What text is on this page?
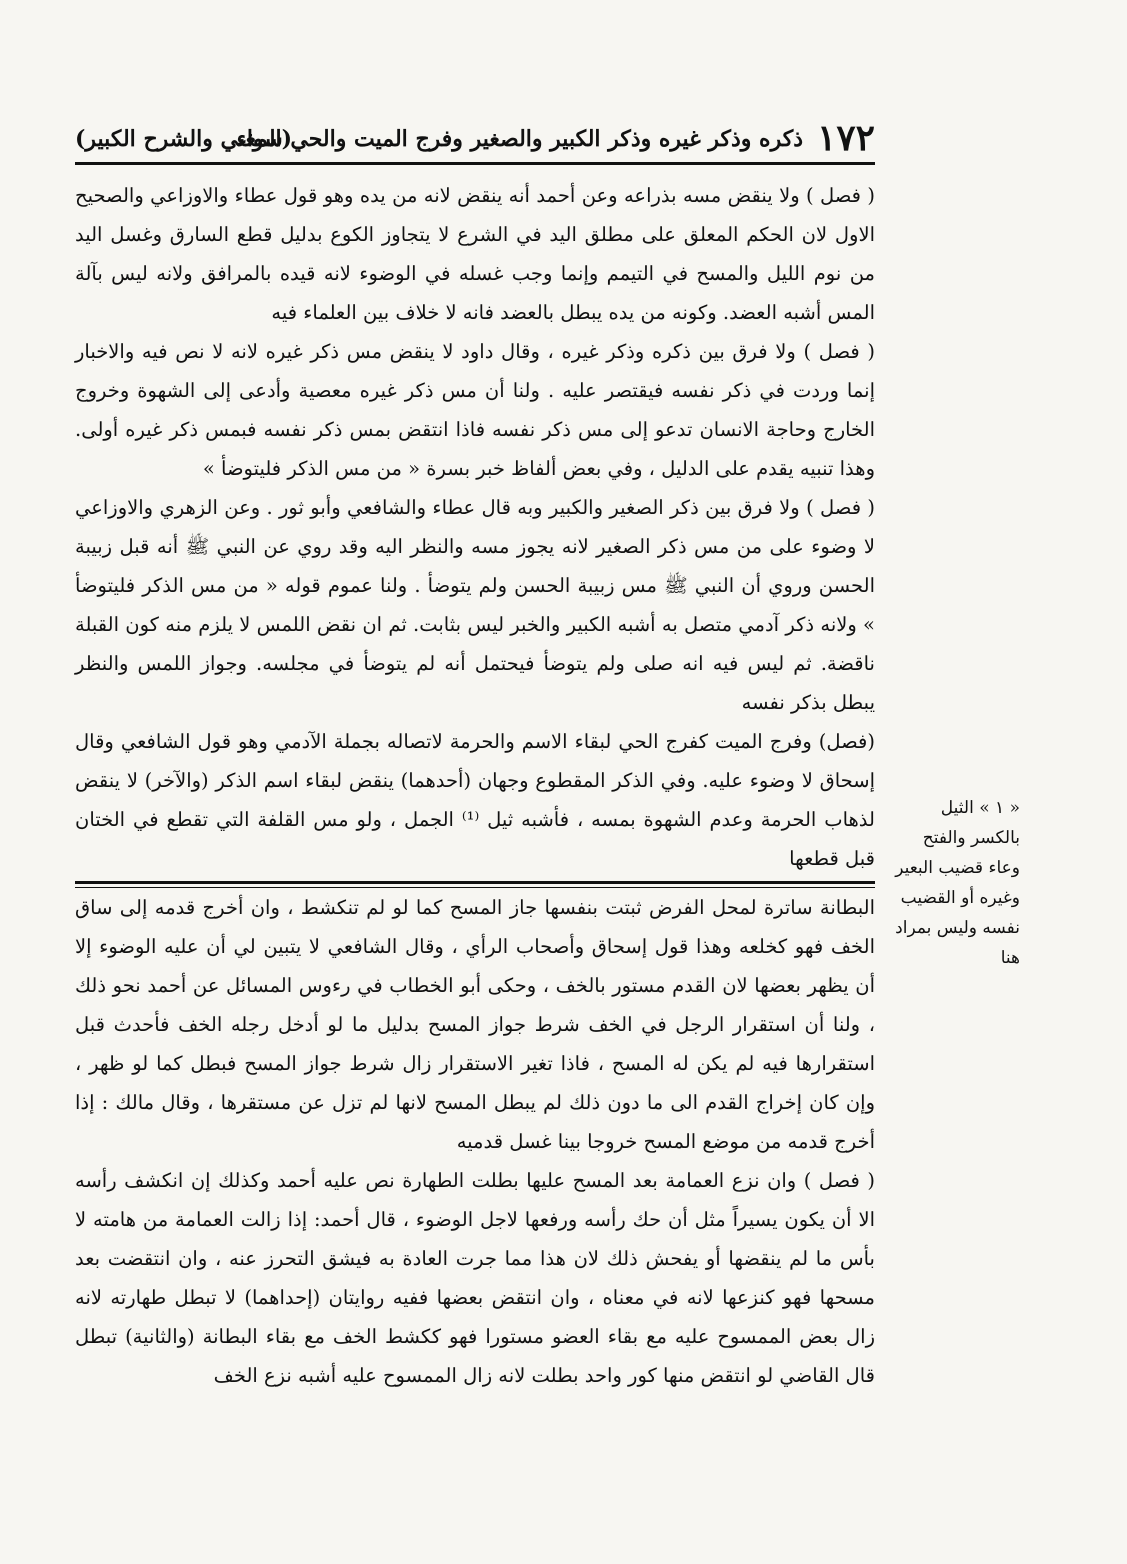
١٧٢
ذكره وذكر غيره وذكر الكبير والصغير وفرج الميت والحي سواء
(المغني والشرح الكبير)

( فصل ) ولا ينقض مسه بذراعه وعن أحمد أنه ينقض لانه من يده وهو قول عطاء والاوزاعي والصحيح الاول لان الحكم المعلق على مطلق اليد في الشرع لا يتجاوز الكوع بدليل قطع السارق وغسل اليد من نوم الليل والمسح في التيمم وإنما وجب غسله في الوضوء لانه قيده بالمرافق ولانه ليس بآلة المس أشبه العضد. وكونه من يده يبطل بالعضد فانه لا خلاف بين العلماء فيه

( فصل ) ولا فرق بين ذكره وذكر غيره ، وقال داود لا ينقض مس ذكر غيره لانه لا نص فيه والاخبار إنما وردت في ذكر نفسه فيقتصر عليه . ولنا أن مس ذكر غيره معصية وأدعى إلى الشهوة وخروج الخارج وحاجة الانسان تدعو إلى مس ذكر نفسه فاذا انتقض بمس ذكر نفسه فبمس ذكر غيره أولى. وهذا تنبيه يقدم على الدليل ، وفي بعض ألفاظ خبر بسرة « من مس الذكر فليتوضأ »

( فصل ) ولا فرق بين ذكر الصغير والكبير وبه قال عطاء والشافعي وأبو ثور . وعن الزهري والاوزاعي لا وضوء على من مس ذكر الصغير لانه يجوز مسه والنظر اليه وقد روي عن النبي ﷺ أنه قبل زبيبة الحسن وروي أن النبي ﷺ مس زبيبة الحسن ولم يتوضأ . ولنا عموم قوله « من مس الذكر فليتوضأ » ولانه ذكر آدمي متصل به أشبه الكبير والخبر ليس بثابت. ثم ان نقض اللمس لا يلزم منه كون القبلة ناقضة. ثم ليس فيه انه صلى ولم يتوضأ فيحتمل أنه لم يتوضأ في مجلسه. وجواز اللمس والنظر يبطل بذكر نفسه

(فصل) وفرج الميت كفرج الحي لبقاء الاسم والحرمة لاتصاله بجملة الآدمي وهو قول الشافعي وقال إسحاق لا وضوء عليه. وفي الذكر المقطوع وجهان (أحدهما) ينقض لبقاء اسم الذكر (والآخر) لا ينقض لذهاب الحرمة وعدم الشهوة بمسه ، فأشبه ثيل ⁽¹⁾ الجمل ، ولو مس القلفة التي تقطع في الختان قبل قطعها

البطانة ساترة لمحل الفرض ثبتت بنفسها جاز المسح كما لو لم تنكشط ، وان أخرج قدمه إلى ساق الخف فهو كخلعه وهذا قول إسحاق وأصحاب الرأي ، وقال الشافعي لا يتبين لي أن عليه الوضوء إلا أن يظهر بعضها لان القدم مستور بالخف ، وحكى أبو الخطاب في رءوس المسائل عن أحمد نحو ذلك ، ولنا أن استقرار الرجل في الخف شرط جواز المسح بدليل ما لو أدخل رجله الخف فأحدث قبل استقرارها فيه لم يكن له المسح ، فاذا تغير الاستقرار زال شرط جواز المسح فبطل كما لو ظهر ، وإن كان إخراج القدم الى ما دون ذلك لم يبطل المسح لانها لم تزل عن مستقرها ، وقال مالك : إذا أخرج قدمه من موضع المسح خروجا بينا غسل قدميه

( فصل ) وان نزع العمامة بعد المسح عليها بطلت الطهارة نص عليه أحمد وكذلك إن انكشف رأسه الا أن يكون يسيراً مثل أن حك رأسه ورفعها لاجل الوضوء ، قال أحمد: إذا زالت العمامة من هامته لا بأس ما لم ينقضها أو يفحش ذلك لان هذا مما جرت العادة به فيشق التحرز عنه ، وان انتقضت بعد مسحها فهو كنزعها لانه في معناه ، وان انتقض بعضها ففيه روايتان (إحداهما) لا تبطل طهارته لانه زال بعض الممسوح عليه مع بقاء العضو مستورا فهو ككشط الخف مع بقاء البطانة (والثانية) تبطل قال القاضي لو انتقض منها كور واحد بطلت لانه زال الممسوح عليه أشبه نزع الخف

« ١ » الثيل بالكسر والفتح وعاء قضيب البعير وغيره أو القضيب نفسه وليس بمراد هنا
